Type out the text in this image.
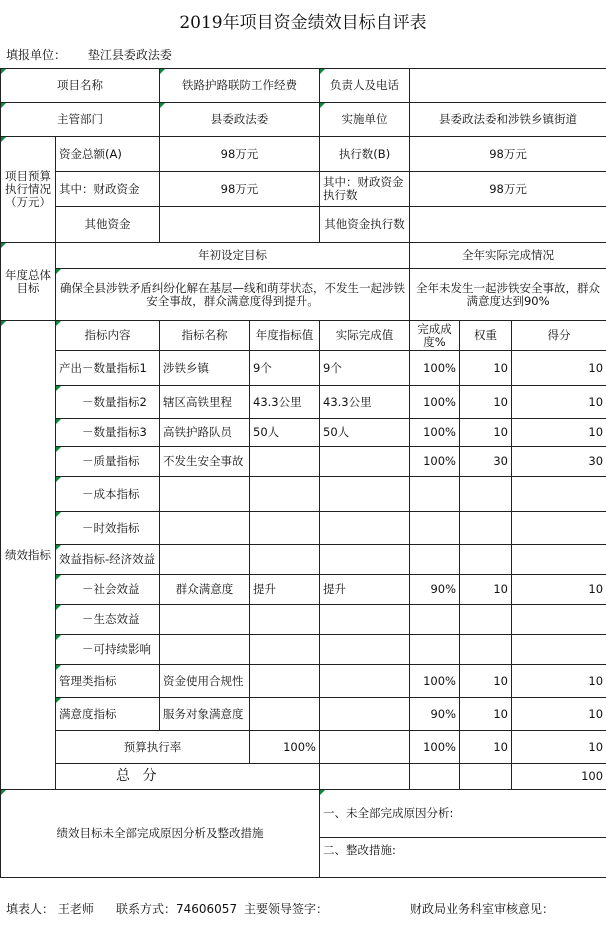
2019年项目资金绩效目标自评表
填报单位： 垫江县委政法委
项目名称		铁路护路联防工作经费		负责人及电话				
主管部门		县委政法委		实施单位	县委政法委和涉铁乡镇街道			
项目预算执行情况（万元）	资金总额(A)	98万元		执行数(B)	98万元			
	其中：财政资金	98万元		其中：财政资金执行数	98万元			
	其他资金			其他资金执行数				
年度总体目标	年初设定目标				全年实际完成情况			
	确保全县涉铁矛盾纠纷化解在基层—线和萌芽状态，不发生一起涉铁安全事故，群众满意度得到提升。				全年未发生一起涉铁安全事故，群众满意度达到90%			
绩效指标	指标内容	指标名称	年度指标值	实际完成值	完成成度%	权重	得分	
	产出－数量指标1	涉铁乡镇	9个	9个	100%	10	10	
	－数量指标2	辖区高铁里程	43.3公里	43.3公里	100%	10	10	
	－数量指标3	高铁护路队员	50人	50人	100%	10	10	
	－质量指标	不发生安全事故			100%	30	30	
	－成本指标							
	－时效指标							
	效益指标-经济效益							
	－社会效益	群众满意度	提升	提升	90%	10	10	
	－生态效益							
	－可持续影响							
	管理类指标	资金使用合规性			100%	10	10	
	满意度指标	服务对象满意度			90%	10	10	
	预算执行率		100%		100%	10	10	
	总 分						100	
绩效目标未全部完成原因分析及整改措施				一、未全部完成原因分析:				
				二、整改措施:				
填表人： 王老师 联系方式：74606057 主要领导签字：	财政局业务科室审核意见：
